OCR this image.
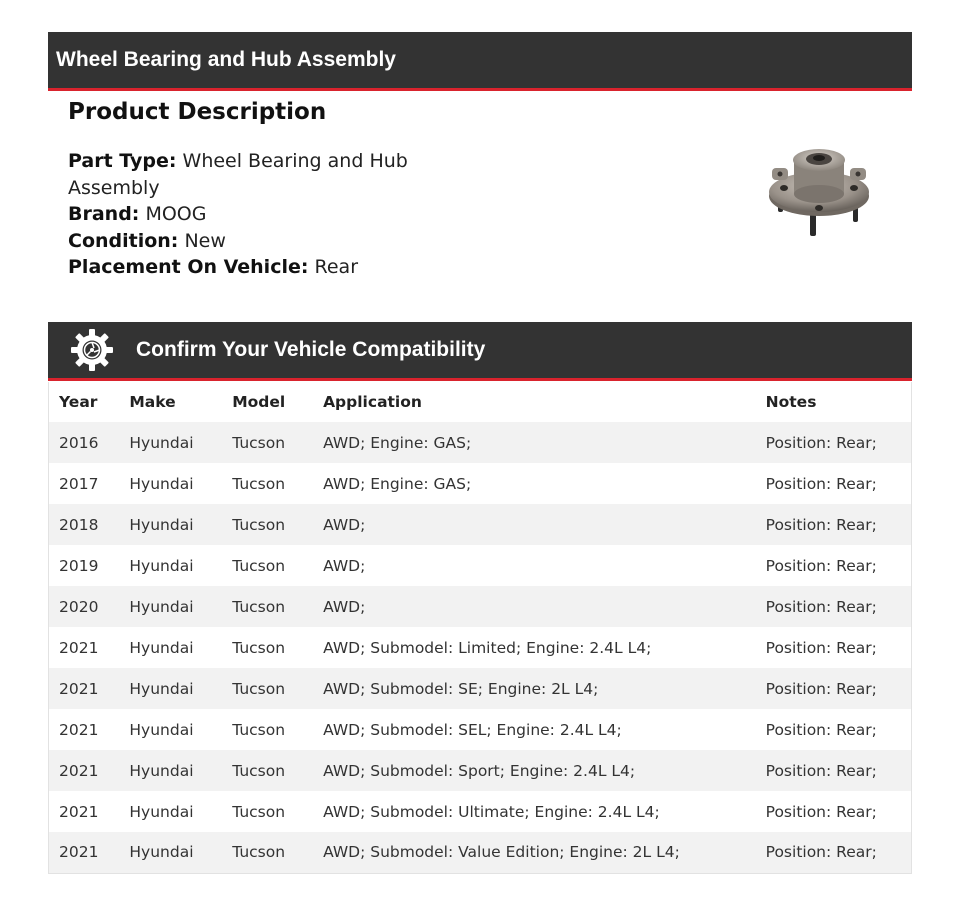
Wheel Bearing and Hub Assembly
Product Description
Part Type: Wheel Bearing and Hub Assembly
Brand: MOOG
Condition: New
Placement On Vehicle: Rear
Confirm Your Vehicle Compatibility
Year	Make	Model	Application	Notes
2016	Hyundai	Tucson	AWD; Engine: GAS;	Position: Rear;
2017	Hyundai	Tucson	AWD; Engine: GAS;	Position: Rear;
2018	Hyundai	Tucson	AWD;	Position: Rear;
2019	Hyundai	Tucson	AWD;	Position: Rear;
2020	Hyundai	Tucson	AWD;	Position: Rear;
2021	Hyundai	Tucson	AWD; Submodel: Limited; Engine: 2.4L L4;	Position: Rear;
2021	Hyundai	Tucson	AWD; Submodel: SE; Engine: 2L L4;	Position: Rear;
2021	Hyundai	Tucson	AWD; Submodel: SEL; Engine: 2.4L L4;	Position: Rear;
2021	Hyundai	Tucson	AWD; Submodel: Sport; Engine: 2.4L L4;	Position: Rear;
2021	Hyundai	Tucson	AWD; Submodel: Ultimate; Engine: 2.4L L4;	Position: Rear;
2021	Hyundai	Tucson	AWD; Submodel: Value Edition; Engine: 2L L4;	Position: Rear;
